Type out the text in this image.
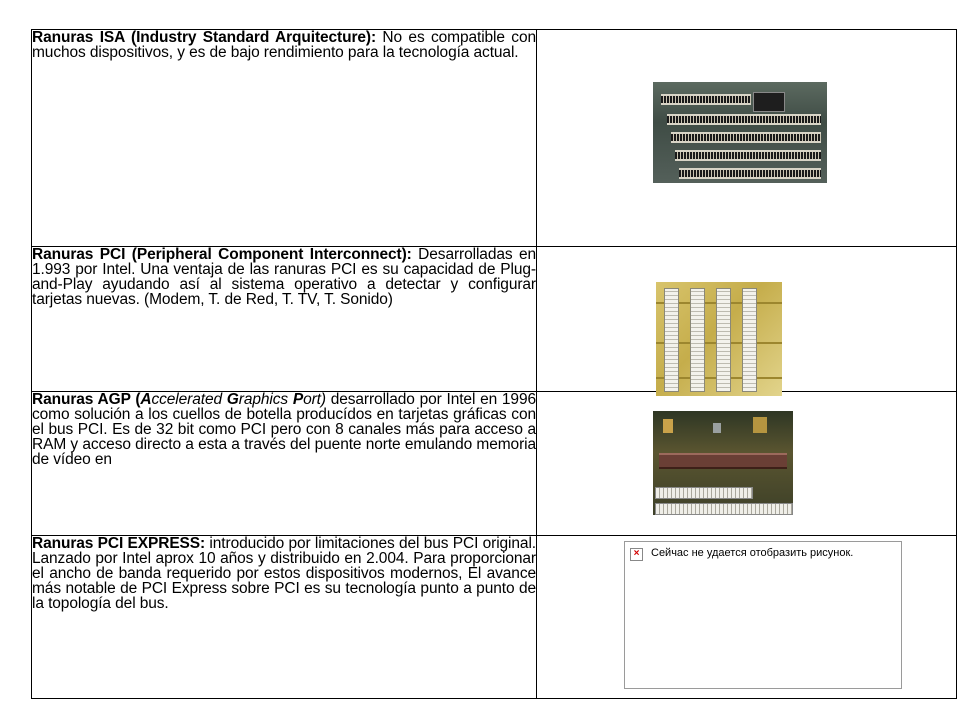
Ranuras ISA (Industry Standard Arquitecture): No es compatible con muchos dispositivos, y es de bajo rendimiento para la tecnología actual.	

Ranuras PCI (Peripheral Component Interconnect): Desarrolladas en 1.993 por Intel. Una ventaja de las ranuras PCI es su capacidad de Plug-and-Play ayudando así al sistema operativo a detectar y configurar tarjetas nuevas. (Modem, T. de Red, T. TV, T. Sonido)	

Ranuras AGP (Accelerated Graphics Port) desarrollado por Intel en 1996 como solución a los cuellos de botella producídos en tarjetas gráficas con el bus PCI. Es de 32 bit como PCI pero con 8 canales más para acceso a RAM y acceso directo a esta a través del puente norte emulando memoria de vídeo en	

Ranuras PCI EXPRESS: introducido por limitaciones del bus PCI original. Lanzado por Intel aprox 10 años y distribuido en 2.004. Para proporcionar el ancho de banda requerido por estos dispositivos modernos, El avance más notable de PCI Express sobre PCI es su tecnología punto a punto de la topología del bus.	× Сейчас не удается отобразить рисунок.
